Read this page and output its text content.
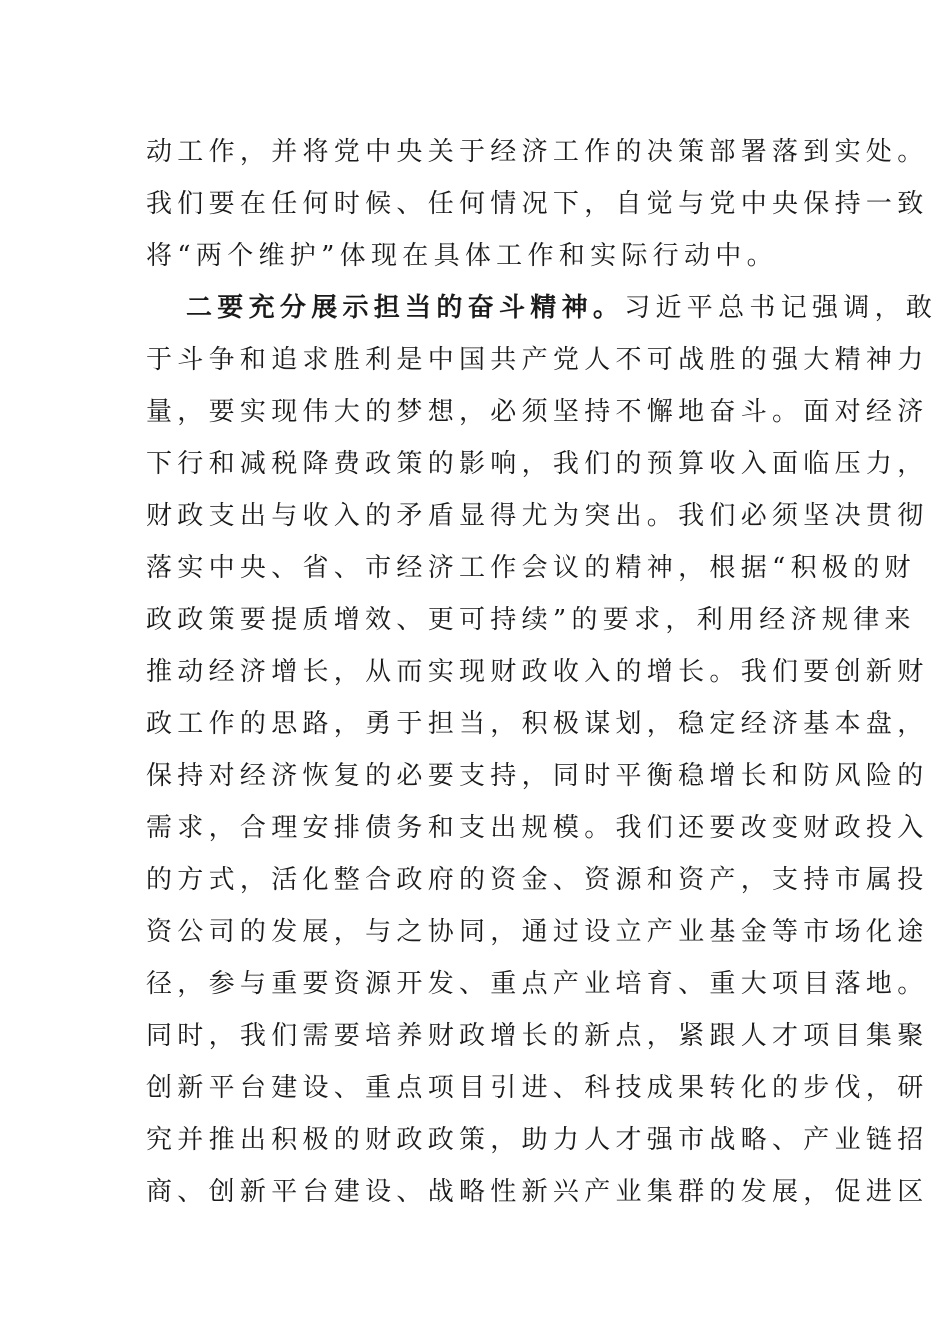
动工作，并将党中央关于经济工作的决策部署落到实处。
我们要在任何时候、任何情况下，自觉与党中央保持一致
将“两个维护”体现在具体工作和实际行动中。
二要充分展示担当的奋斗精神。习近平总书记强调，敢
于斗争和追求胜利是中国共产党人不可战胜的强大精神力
量，要实现伟大的梦想，必须坚持不懈地奋斗。面对经济
下行和减税降费政策的影响，我们的预算收入面临压力，
财政支出与收入的矛盾显得尤为突出。我们必须坚决贯彻
落实中央、省、市经济工作会议的精神，根据“积极的财
政政策要提质增效、更可持续”的要求，利用经济规律来
推动经济增长，从而实现财政收入的增长。我们要创新财
政工作的思路，勇于担当，积极谋划，稳定经济基本盘，
保持对经济恢复的必要支持，同时平衡稳增长和防风险的
需求，合理安排债务和支出规模。我们还要改变财政投入
的方式，活化整合政府的资金、资源和资产，支持市属投
资公司的发展，与之协同，通过设立产业基金等市场化途
径，参与重要资源开发、重点产业培育、重大项目落地。
同时，我们需要培养财政增长的新点，紧跟人才项目集聚
创新平台建设、重点项目引进、科技成果转化的步伐，研
究并推出积极的财政政策，助力人才强市战略、产业链招
商、创新平台建设、战略性新兴产业集群的发展，促进区
